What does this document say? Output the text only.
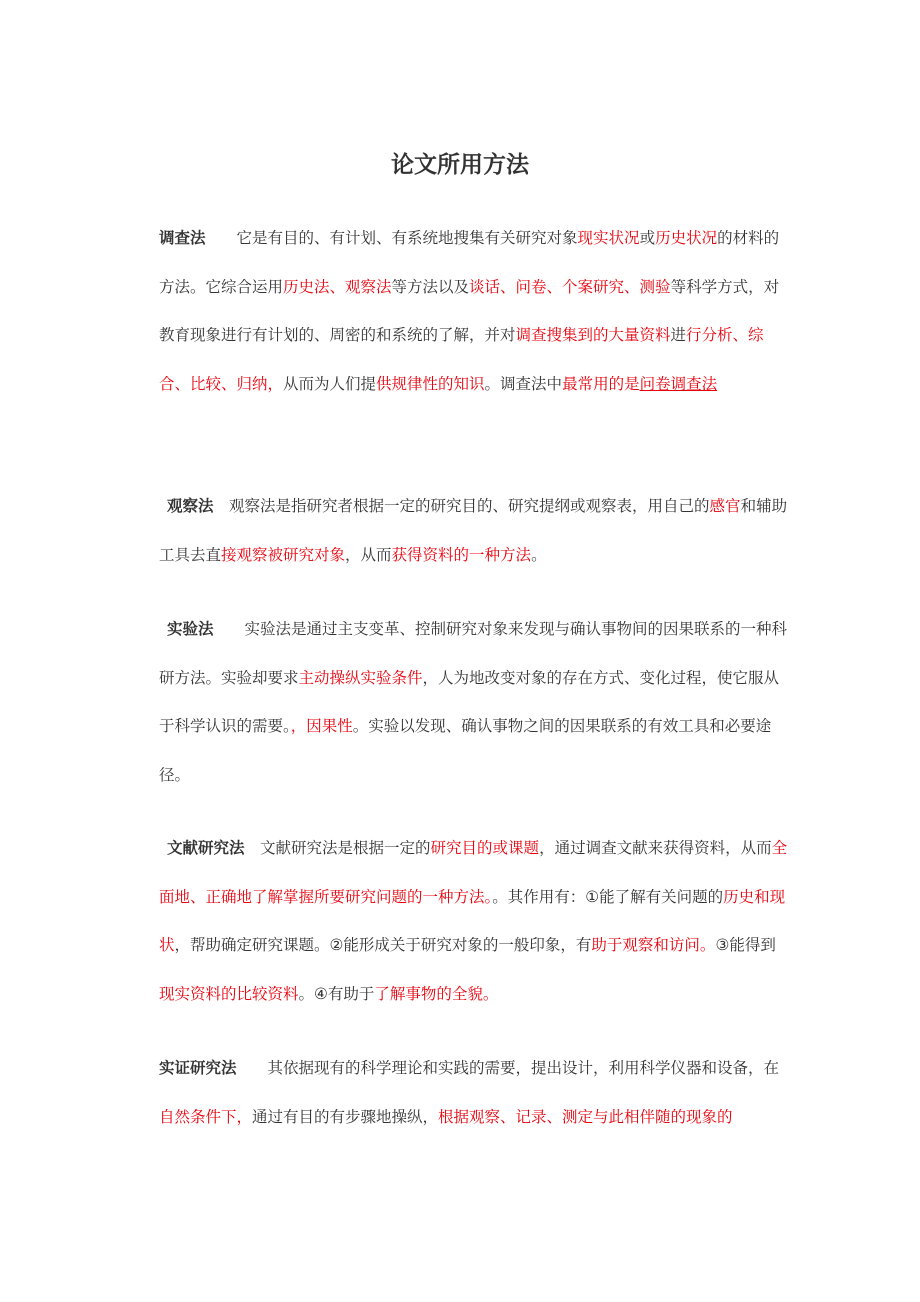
论文所用方法

调查法　　 它是有目的、有计划、有系统地搜集有关研究对象现实状况或历史状况的材料的方法。它综合运用历史法、观察法等方法以及谈话、问卷、个案研究、测验等科学方式，对教育现象进行有计划的、周密的和系统的了解，并对调查搜集到的大量资料进行分析、综合、比较、归纳，从而为人们提供规律性的知识。调查法中最常用的是问卷调查法

观察法　 观察法是指研究者根据一定的研究目的、研究提纲或观察表，用自己的感官和辅助工具去直接观察被研究对象，从而获得资料的一种方法。

实验法　　 实验法是通过主支变革、控制研究对象来发现与确认事物间的因果联系的一种科研方法。实验却要求主动操纵实验条件，人为地改变对象的存在方式、变化过程，使它服从于科学认识的需要。，因果性。实验以发现、确认事物之间的因果联系的有效工具和必要途径。

文献研究法　 文献研究法是根据一定的研究目的或课题，通过调查文献来获得资料，从而全面地、正确地了解掌握所要研究问题的一种方法。。其作用有：①能了解有关问题的历史和现状，帮助确定研究课题。②能形成关于研究对象的一般印象，有助于观察和访问。③能得到现实资料的比较资料。④有助于了解事物的全貌。

实证研究法　　 其依据现有的科学理论和实践的需要，提出设计，利用科学仪器和设备，在自然条件下，通过有目的有步骤地操纵，根据观察、记录、测定与此相伴随的现象的
